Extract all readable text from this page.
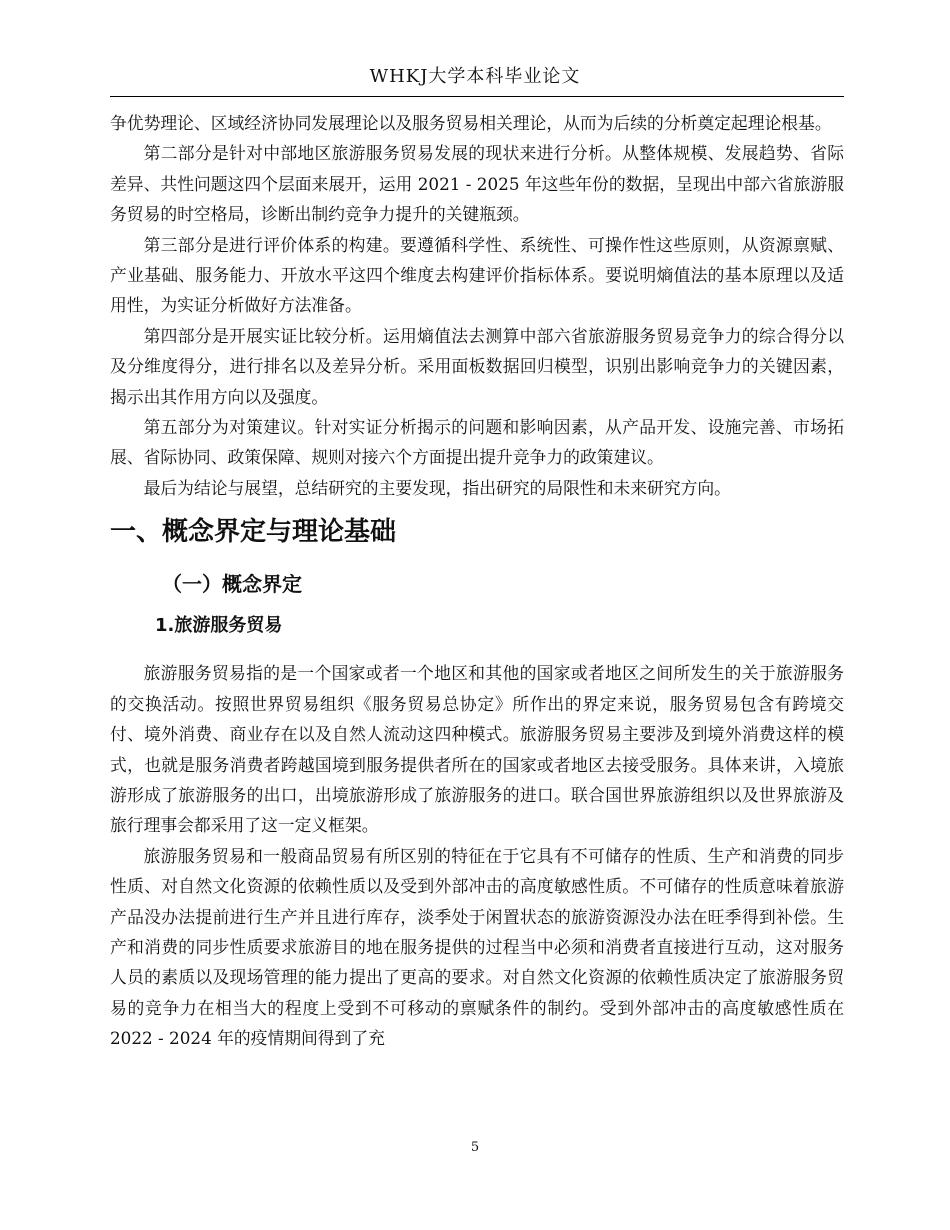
WHKJ大学本科毕业论文

争优势理论、区域经济协同发展理论以及服务贸易相关理论，从而为后续的分析奠定起理论根基。

第二部分是针对中部地区旅游服务贸易发展的现状来进行分析。从整体规模、发展趋势、省际差异、共性问题这四个层面来展开，运用 2021 - 2025 年这些年份的数据，呈现出中部六省旅游服务贸易的时空格局，诊断出制约竞争力提升的关键瓶颈。

第三部分是进行评价体系的构建。要遵循科学性、系统性、可操作性这些原则，从资源禀赋、产业基础、服务能力、开放水平这四个维度去构建评价指标体系。要说明熵值法的基本原理以及适用性，为实证分析做好方法准备。

第四部分是开展实证比较分析。运用熵值法去测算中部六省旅游服务贸易竞争力的综合得分以及分维度得分，进行排名以及差异分析。采用面板数据回归模型，识别出影响竞争力的关键因素，揭示出其作用方向以及强度。

第五部分为对策建议。针对实证分析揭示的问题和影响因素，从产品开发、设施完善、市场拓展、省际协同、政策保障、规则对接六个方面提出提升竞争力的政策建议。

最后为结论与展望，总结研究的主要发现，指出研究的局限性和未来研究方向。

一、概念界定与理论基础
（一）概念界定
1.旅游服务贸易

旅游服务贸易指的是一个国家或者一个地区和其他的国家或者地区之间所发生的关于旅游服务的交换活动。按照世界贸易组织《服务贸易总协定》所作出的界定来说，服务贸易包含有跨境交付、境外消费、商业存在以及自然人流动这四种模式。旅游服务贸易主要涉及到境外消费这样的模式，也就是服务消费者跨越国境到服务提供者所在的国家或者地区去接受服务。具体来讲，入境旅游形成了旅游服务的出口，出境旅游形成了旅游服务的进口。联合国世界旅游组织以及世界旅游及旅行理事会都采用了这一定义框架。

旅游服务贸易和一般商品贸易有所区别的特征在于它具有不可储存的性质、生产和消费的同步性质、对自然文化资源的依赖性质以及受到外部冲击的高度敏感性质。不可储存的性质意味着旅游产品没办法提前进行生产并且进行库存，淡季处于闲置状态的旅游资源没办法在旺季得到补偿。生产和消费的同步性质要求旅游目的地在服务提供的过程当中必须和消费者直接进行互动，这对服务人员的素质以及现场管理的能力提出了更高的要求。对自然文化资源的依赖性质决定了旅游服务贸易的竞争力在相当大的程度上受到不可移动的禀赋条件的制约。受到外部冲击的高度敏感性质在 2022 - 2024 年的疫情期间得到了充

5
